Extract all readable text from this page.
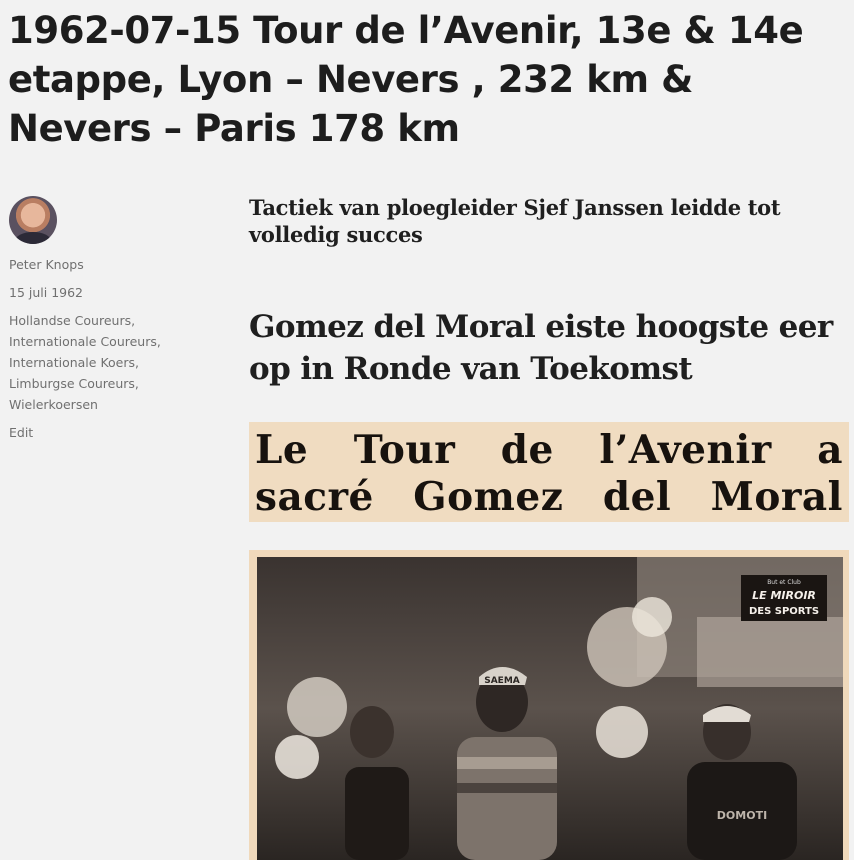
1962-07-15 Tour de l’Avenir, 13e & 14e etappe, Lyon – Nevers , 232 km & Nevers – Paris 178 km
Peter Knops
15 juli 1962
Hollandse Coureurs,
Internationale Coureurs,
Internationale Koers,
Limburgse Coureurs,
Wielerkoersen
Edit
Tactiek van ploegleider Sjef Janssen leidde tot volledig succes
Gomez del Moral eiste hoogste eer op in Ronde van Toekomst
Le Tour de l’Avenir a
sacré Gomez del Moral
But et Club
LE MIROIR
DES SPORTS
SAEMA
DOMOTI
